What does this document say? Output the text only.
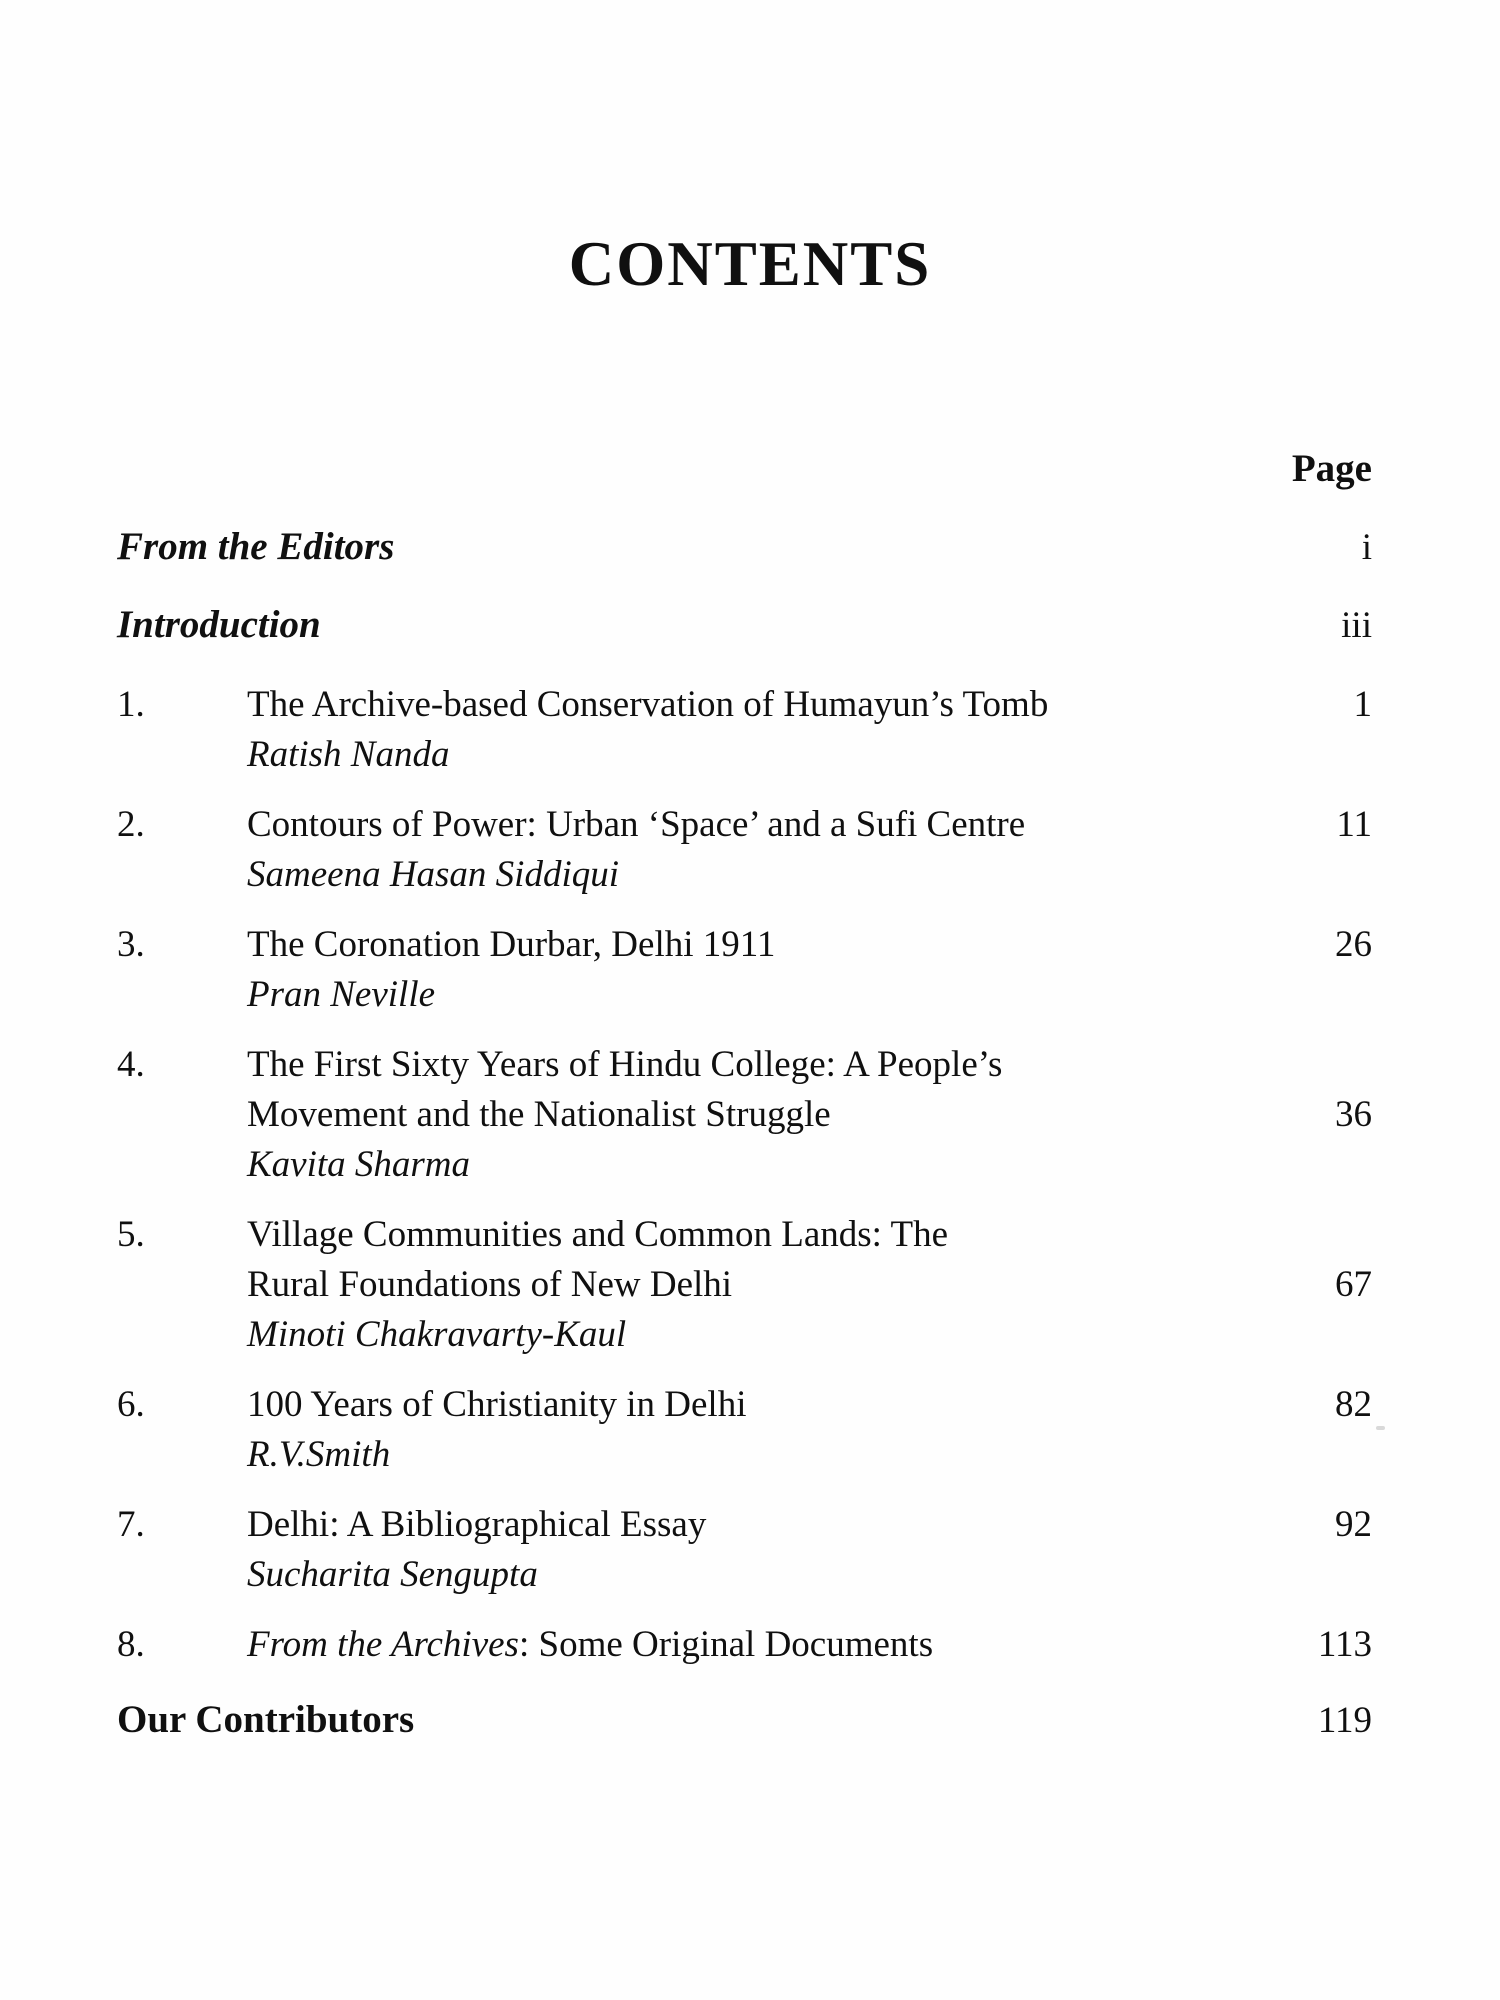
CONTENTS
Page
From the Editors	i
Introduction	iii
1.	The Archive-based Conservation of Humayun’s Tomb	1
Ratish Nanda
2.	Contours of Power: Urban ‘Space’ and a Sufi Centre	11
Sameena Hasan Siddiqui
3.	The Coronation Durbar, Delhi 1911	26
Pran Neville
4.	The First Sixty Years of Hindu College: A People’s
Movement and the Nationalist Struggle	36
Kavita Sharma
5.	Village Communities and Common Lands: The
Rural Foundations of New Delhi	67
Minoti Chakravarty-Kaul
6.	100 Years of Christianity in Delhi	82
R.V.Smith
7.	Delhi: A Bibliographical Essay	92
Sucharita Sengupta
8.	From the Archives: Some Original Documents	113
Our Contributors	119
